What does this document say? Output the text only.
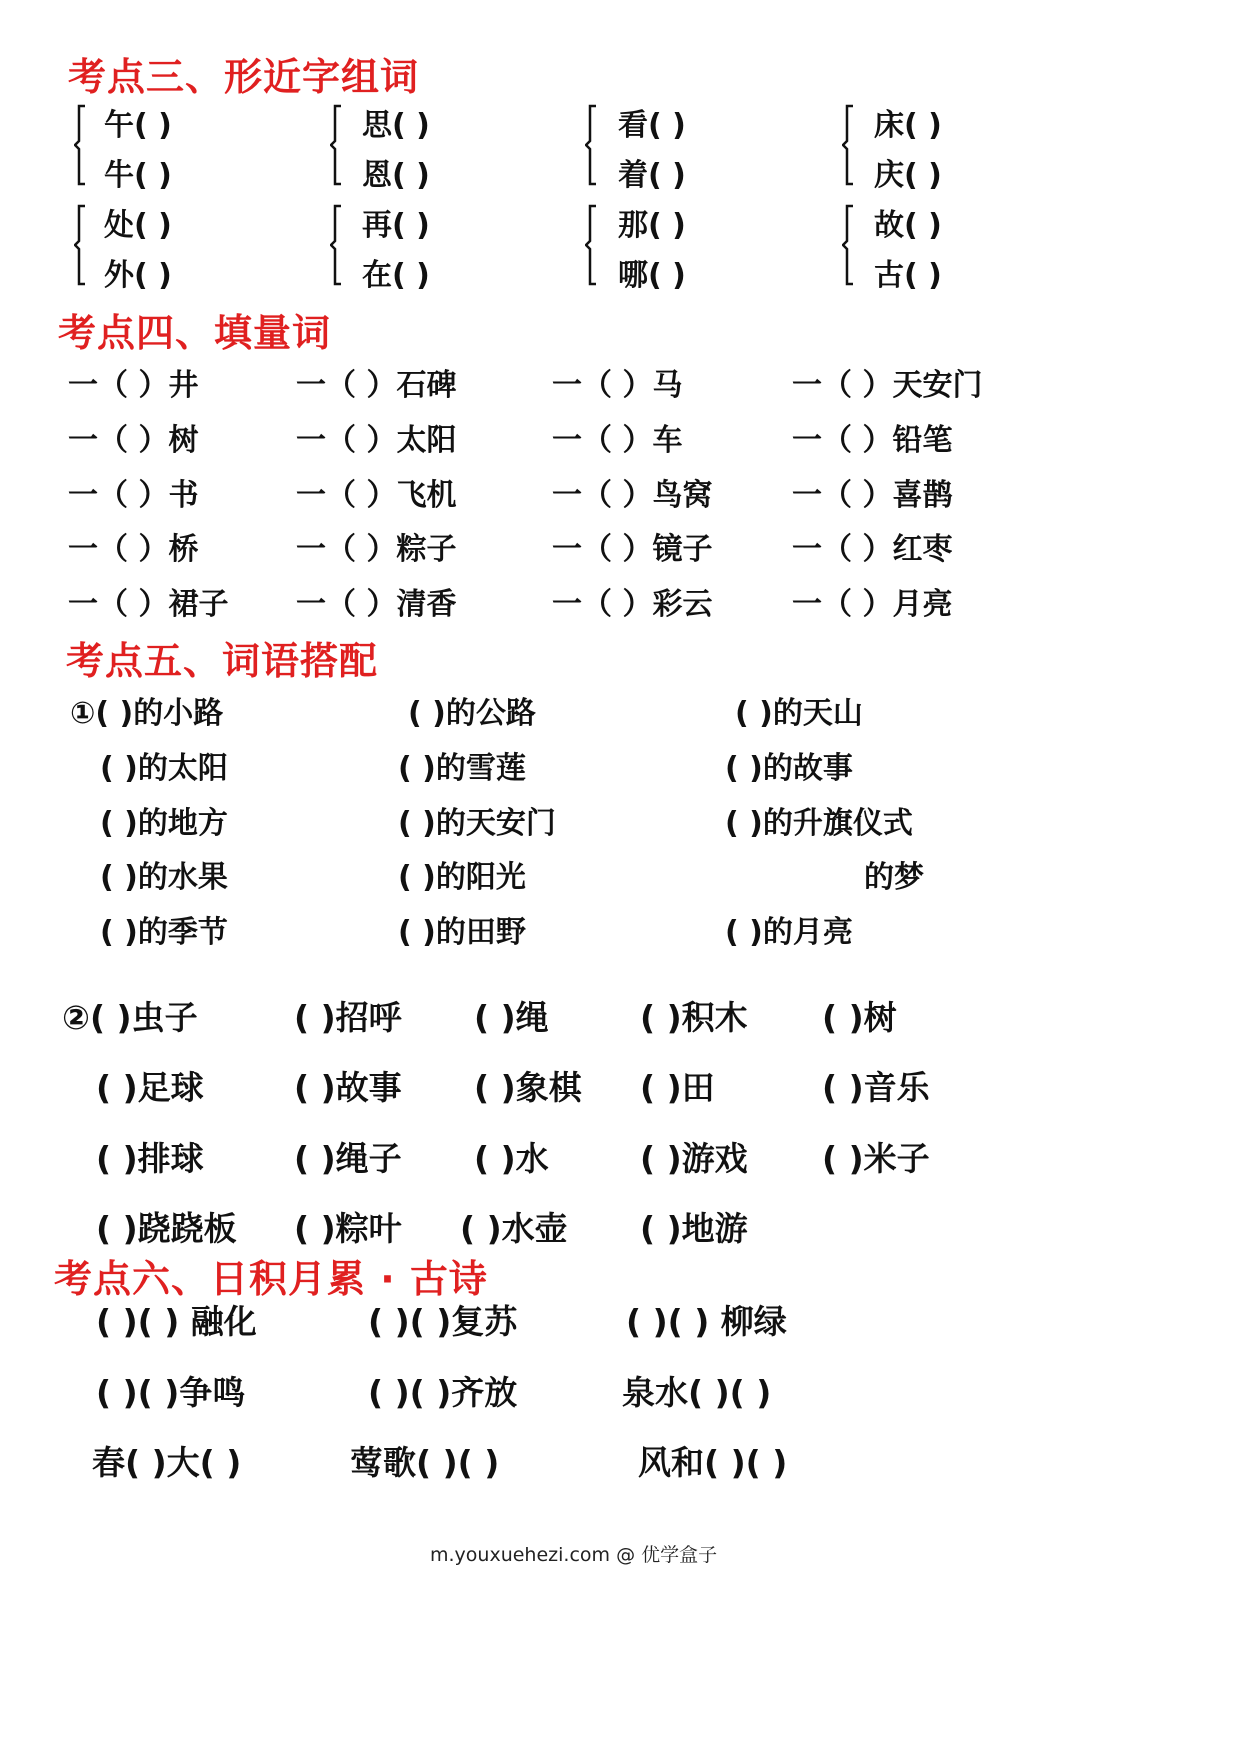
考点三、形近字组词
午( )
牛( )
思( )
恩( )
看( )
着( )
床( )
庆( )
处( )
外( )
再( )
在( )
那( )
哪( )
故( )
古( )
考点四、填量词
一（ ）井	一（ ）石碑	一（ ）马	一（ ）天安门
一（ ）树	一（ ）太阳	一（ ）车	一（ ）铅笔
一（ ）书	一（ ）飞机	一（ ）鸟窝	一（ ）喜鹊
一（ ）桥	一（ ）粽子	一（ ）镜子	一（ ）红枣
一（ ）裙子 一（ ）清香	一（ ）彩云	一（ ）月亮
考点五、词语搭配
①( )的小路	( )的公路	( )的天山
( )的太阳	( )的雪莲	( )的故事
( )的地方	( )的天安门	( )的升旗仪式
( )的水果	( )的阳光	的梦
( )的季节	( )的田野	( )的月亮
②( )虫子	( )招呼 ( )绳	( )积木 ( )树
( )足球	( )故事 ( )象棋 ( )田	( )音乐
( )排球	( )绳子 ( )水	( )游戏 ( )米子
( )跷跷板 ( )粽叶 ( )水壶 ( )地游
考点六、日积月累 · 古诗
( )( ) 融化	( )( )复苏	( )( ) 柳绿
( )( )争鸣	( )( )齐放	泉水( )( )
春( )大( )	莺歌( )( )	风和( )( )
m.youxuehezi.com @ 优学盒子
